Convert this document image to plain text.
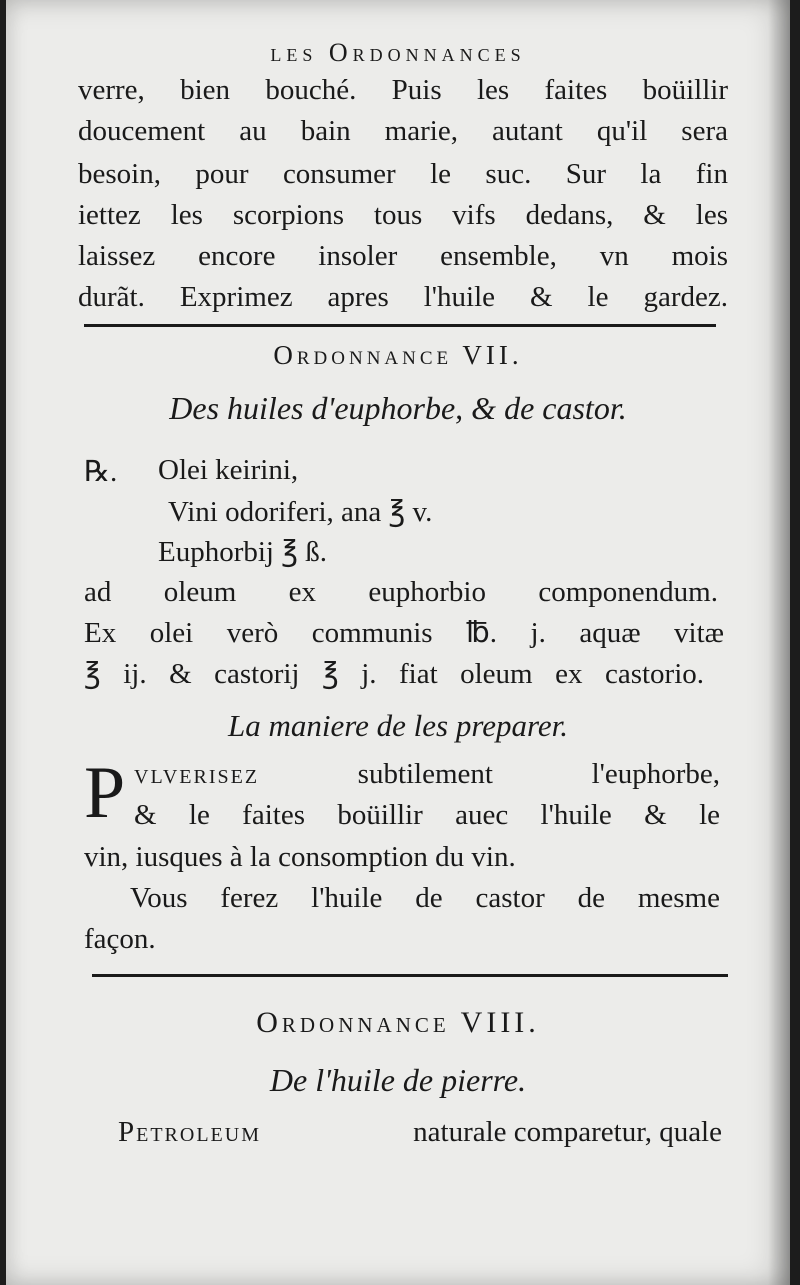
les Ordonnances
verre, bien bouché. Puis les faites boüillir
doucement au bain marie, autant qu'il sera
besoin, pour consumer le suc. Sur la fin
iettez les scorpions tous vifs dedans, & les
laissez encore insoler ensemble, vn mois
durãt. Exprimez apres l'huile & le gardez.
Ordonnance VII.
Des huiles d'euphorbe, & de castor.
℞. Olei keirini,
Vini odoriferi, ana ℥ v.
Euphorbij ℥ ß.
ad oleum ex euphorbio componendum.
Ex olei verò communis ℔. j. aquæ vitæ
℥ ij. & castorij ℥ j. fiat oleum ex castorio.
La maniere de les preparer.
P vlverisez	subtilement l'euphorbe,
& le faites boüillir auec l'huile & le
vin, iusques à la consomption du vin.
Vous ferez l'huile de castor de mesme
façon.
Ordonnance VIII.
De l'huile de pierre.
Petroleum	naturale comparetur, quale
